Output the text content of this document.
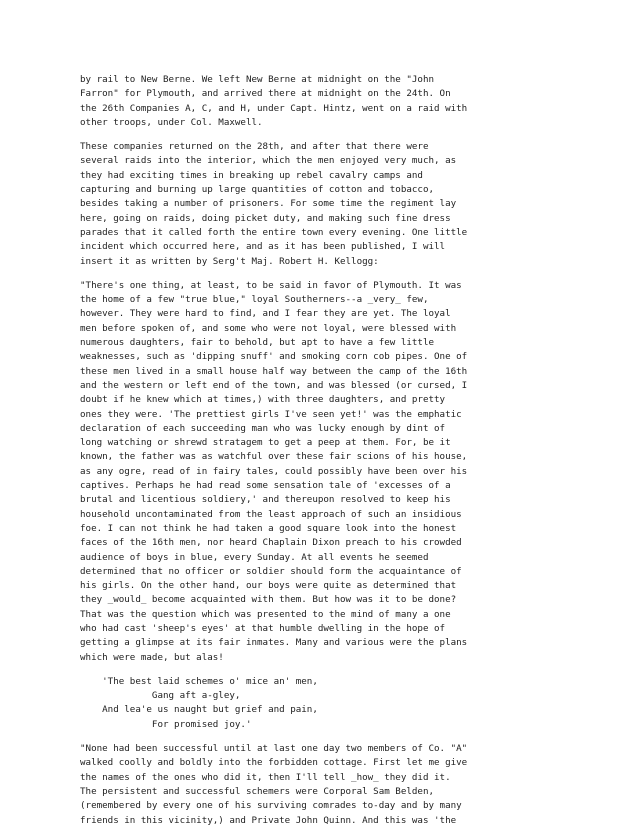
by rail to New Berne. We left New Berne at midnight on the "John
Farron" for Plymouth, and arrived there at midnight on the 24th. On
the 26th Companies A, C, and H, under Capt. Hintz, went on a raid with
other troops, under Col. Maxwell.
These companies returned on the 28th, and after that there were
several raids into the interior, which the men enjoyed very much, as
they had exciting times in breaking up rebel cavalry camps and
capturing and burning up large quantities of cotton and tobacco,
besides taking a number of prisoners. For some time the regiment lay
here, going on raids, doing picket duty, and making such fine dress
parades that it called forth the entire town every evening. One little
incident which occurred here, and as it has been published, I will
insert it as written by Serg't Maj. Robert H. Kellogg:
"There's one thing, at least, to be said in favor of Plymouth. It was
the home of a few "true blue," loyal Southerners--a _very_ few,
however. They were hard to find, and I fear they are yet. The loyal
men before spoken of, and some who were not loyal, were blessed with
numerous daughters, fair to behold, but apt to have a few little
weaknesses, such as 'dipping snuff' and smoking corn cob pipes. One of
these men lived in a small house half way between the camp of the 16th
and the western or left end of the town, and was blessed (or cursed, I
doubt if he knew which at times,) with three daughters, and pretty
ones they were. 'The prettiest girls I've seen yet!' was the emphatic
declaration of each succeeding man who was lucky enough by dint of
long watching or shrewd stratagem to get a peep at them. For, be it
known, the father was as watchful over these fair scions of his house,
as any ogre, read of in fairy tales, could possibly have been over his
captives. Perhaps he had read some sensation tale of 'excesses of a
brutal and licentious soldiery,' and thereupon resolved to keep his
household uncontaminated from the least approach of such an insidious
foe. I can not think he had taken a good square look into the honest
faces of the 16th men, nor heard Chaplain Dixon preach to his crowded
audience of boys in blue, every Sunday. At all events he seemed
determined that no officer or soldier should form the acquaintance of
his girls. On the other hand, our boys were quite as determined that
they _would_ become acquainted with them. But how was it to be done?
That was the question which was presented to the mind of many a one
who had cast 'sheep's eyes' at that humble dwelling in the hope of
getting a glimpse at its fair inmates. Many and various were the plans
which were made, but alas!
'The best laid schemes o' mice an' men,
Gang aft a-gley,
And lea'e us naught but grief and pain,
For promised joy.'
"None had been successful until at last one day two members of Co. "A"
walked coolly and boldly into the forbidden cottage. First let me give
the names of the ones who did it, then I'll tell _how_ they did it.
The persistent and successful schemers were Corporal Sam Belden,
(remembered by every one of his surviving comrades to-day and by many
friends in this vicinity,) and Private John Quinn. And this was 'the
